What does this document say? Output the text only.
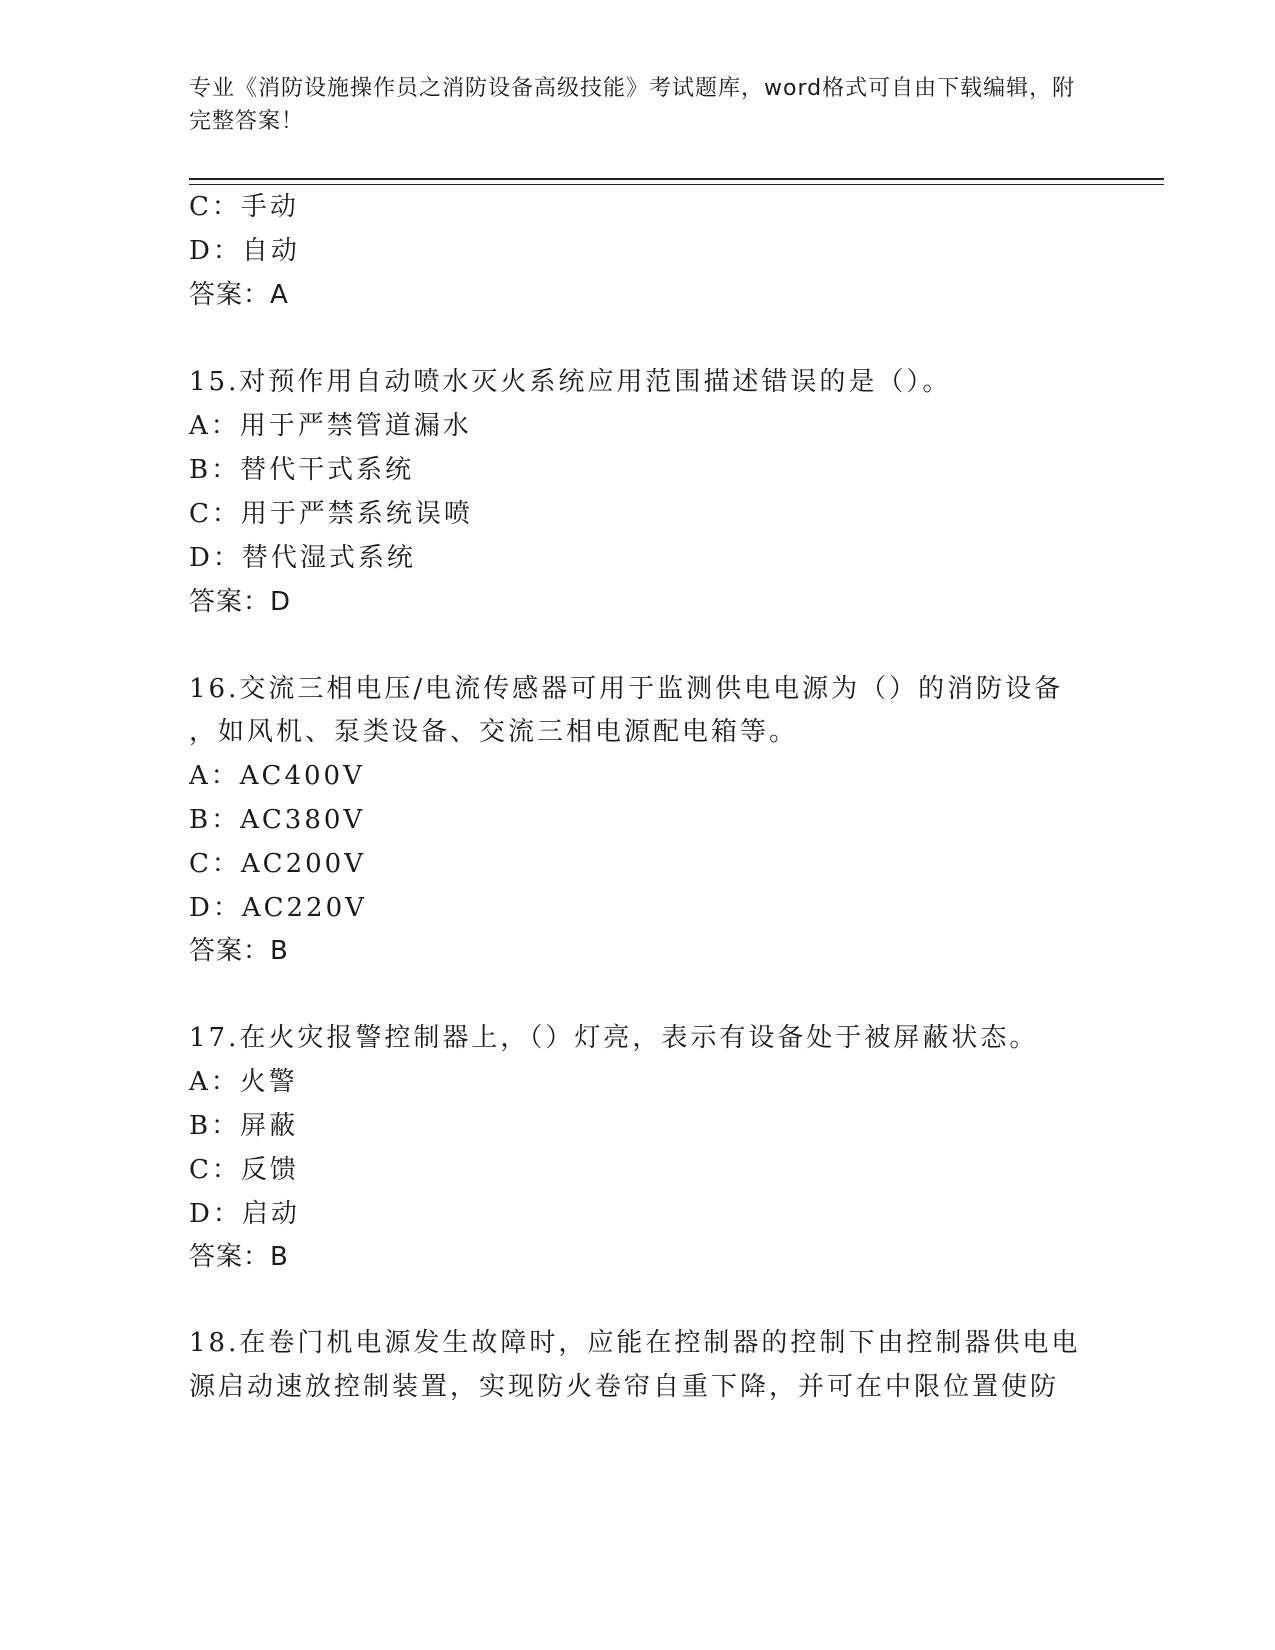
专业《消防设施操作员之消防设备高级技能》考试题库，word格式可自由下载编辑，附完整答案！
C：手动
D：自动
答案：A
15.对预作用自动喷水灭火系统应用范围描述错误的是（）。
A：用于严禁管道漏水
B：替代干式系统
C：用于严禁系统误喷
D：替代湿式系统
答案：D
16.交流三相电压/电流传感器可用于监测供电电源为（）的消防设备
，如风机、泵类设备、交流三相电源配电箱等。
A：AC400V
B：AC380V
C：AC200V
D：AC220V
答案：B
17.在火灾报警控制器上，（）灯亮，表示有设备处于被屏蔽状态。
A：火警
B：屏蔽
C：反馈
D：启动
答案：B
18.在卷门机电源发生故障时，应能在控制器的控制下由控制器供电电
源启动速放控制装置，实现防火卷帘自重下降，并可在中限位置使防
